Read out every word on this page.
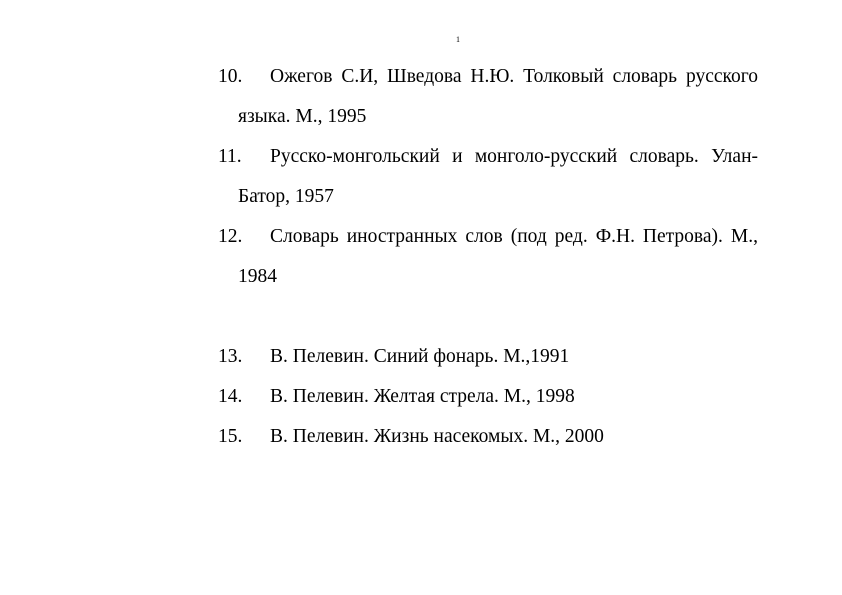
1
10.	Ожегов С.И, Шведова Н.Ю. Толковый словарь русского языка. М., 1995
11.	Русско-монгольский и монголо-русский словарь. Улан-Батор, 1957
12.	Словарь иностранных слов (под ред. Ф.Н. Петрова). М., 1984
13.	В. Пелевин. Синий фонарь. М.,1991
14.	В. Пелевин. Желтая стрела. М., 1998
15.	В. Пелевин. Жизнь насекомых. М., 2000
